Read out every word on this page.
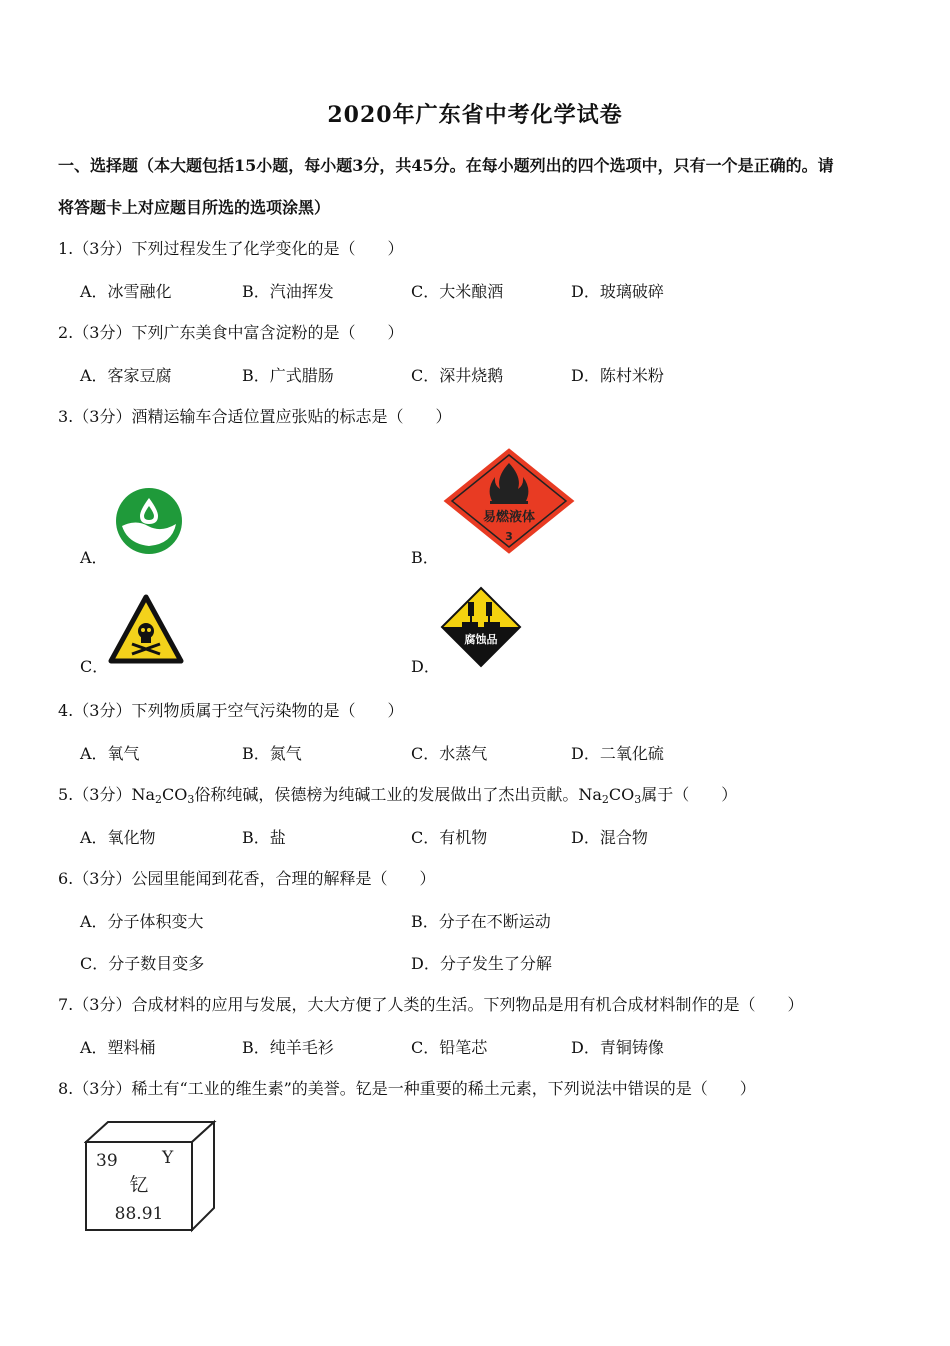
2020年广东省中考化学试卷
一、选择题（本大题包括15小题，每小题3分，共45分。在每小题列出的四个选项中，只有一个是正确的。请
将答题卡上对应题目所选的选项涂黑）
1.（3分）下列过程发生了化学变化的是（　　）
A．冰雪融化	B．汽油挥发	C．大米酿酒	D．玻璃破碎
2.（3分）下列广东美食中富含淀粉的是（　　）
A．客家豆腐	B．广式腊肠	C．深井烧鹅	D．陈村米粉
3.（3分）酒精运输车合适位置应张贴的标志是（　　）
A．	B．
易燃液体
3
C．	D．
腐蚀品
4.（3分）下列物质属于空气污染物的是（　　）
A．氧气	B．氮气	C．水蒸气	D．二氧化硫
5.（3分）$Na_2CO_3$俗称纯碱，侯德榜为纯碱工业的发展做出了杰出贡献。$Na_2CO_3$属于（　　）
A．氧化物	B．盐	C．有机物	D．混合物
6.（3分）公园里能闻到花香，合理的解释是（　　）
A．分子体积变大	B．分子在不断运动
C．分子数目变多	D．分子发生了分解
7.（3分）合成材料的应用与发展，大大方便了人类的生活。下列物品是用有机合成材料制作的是（　　）
A．塑料桶	B．纯羊毛衫	C．铅笔芯	D．青铜铸像
8.（3分）稀土有“工业的维生素”的美誉。钇是一种重要的稀土元素，下列说法中错误的是（　　）
39	Y
钇
88.91
